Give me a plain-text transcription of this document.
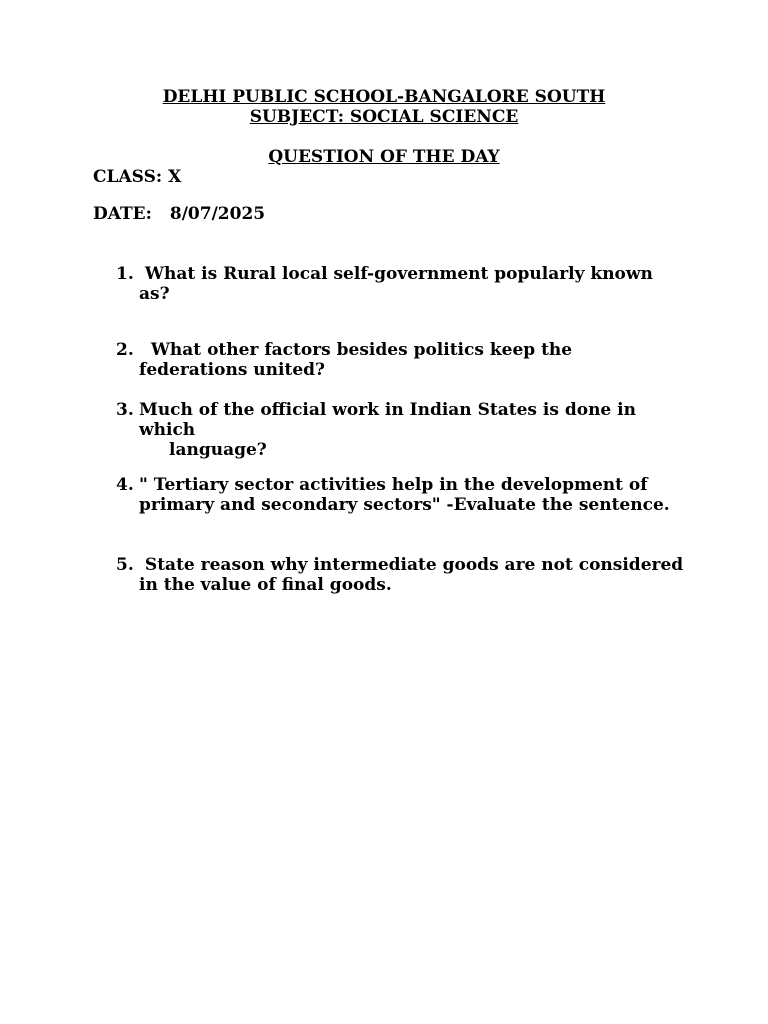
DELHI PUBLIC SCHOOL-BANGALORE SOUTH
SUBJECT: SOCIAL SCIENCE
QUESTION OF THE DAY
CLASS: X
DATE: 8/07/2025
1. What is Rural local self-government popularly known as?
2. What other factors besides politics keep the federations united?
3. Much of the official work in Indian States is done in which
language?
4. " Tertiary sector activities help in the development of primary and secondary sectors" -Evaluate the sentence.
5. State reason why intermediate goods are not considered in the value of final goods.
